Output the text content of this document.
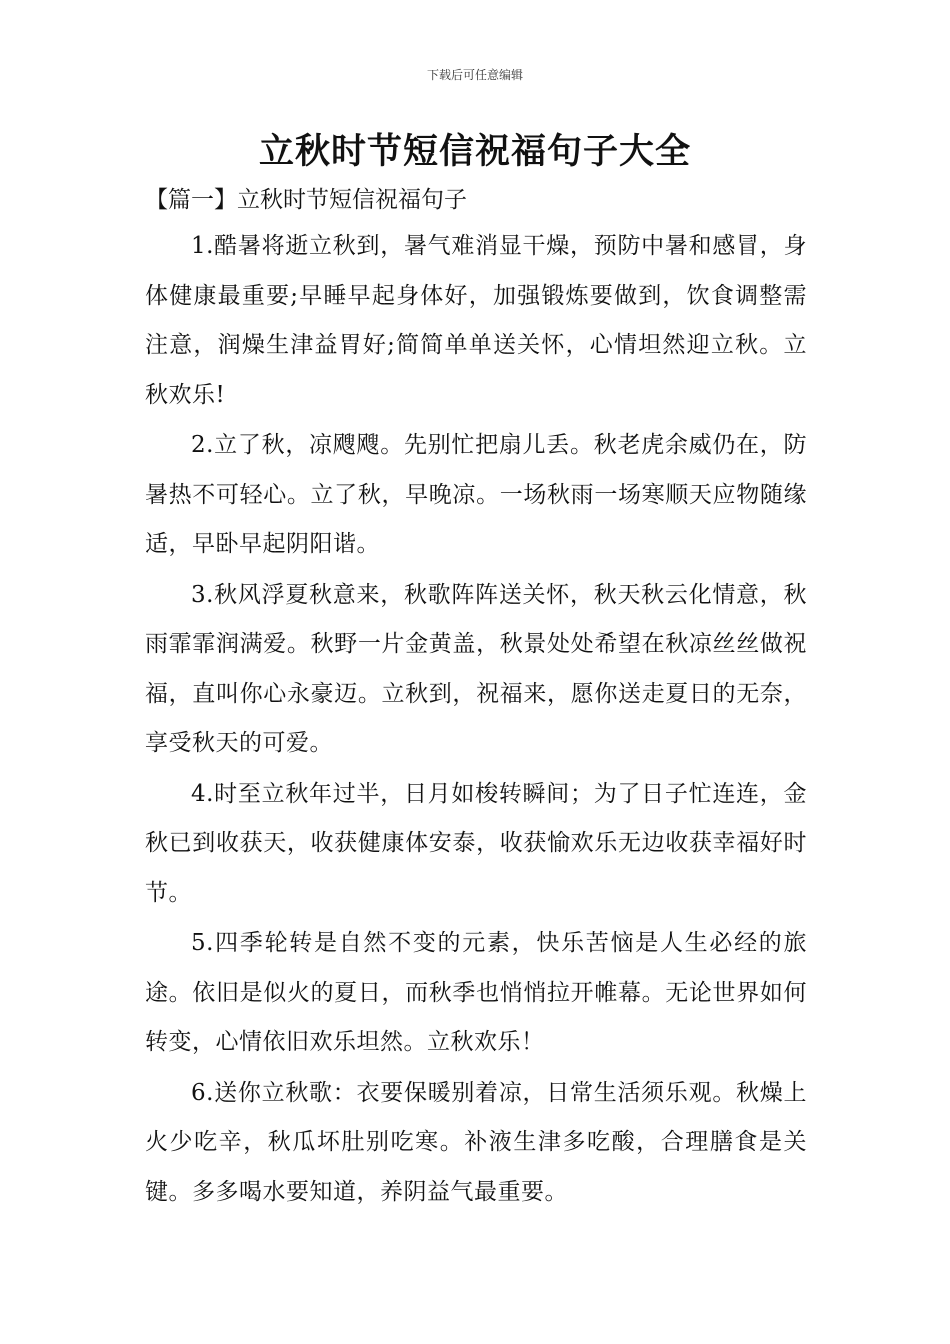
下载后可任意编辑
立秋时节短信祝福句子大全
【篇一】立秋时节短信祝福句子

1.酷暑将逝立秋到，暑气难消显干燥，预防中暑和感冒，身体健康最重要;早睡早起身体好，加强锻炼要做到，饮食调整需注意，润燥生津益胃好;简简单单送关怀，心情坦然迎立秋。立秋欢乐!

2.立了秋，凉飕飕。先别忙把扇儿丢。秋老虎余威仍在，防暑热不可轻心。立了秋，早晚凉。一场秋雨一场寒顺天应物随缘适，早卧早起阴阳谐。

3.秋风浮夏秋意来，秋歌阵阵送关怀，秋天秋云化情意，秋雨霏霏润满爱。秋野一片金黄盖，秋景处处希望在秋凉丝丝做祝福，直叫你心永豪迈。立秋到，祝福来，愿你送走夏日的无奈，享受秋天的可爱。

4.时至立秋年过半，日月如梭转瞬间；为了日子忙连连，金秋已到收获天，收获健康体安泰，收获愉欢乐无边收获幸福好时节。

5.四季轮转是自然不变的元素，快乐苦恼是人生必经的旅途。依旧是似火的夏日，而秋季也悄悄拉开帷幕。无论世界如何转变，心情依旧欢乐坦然。立秋欢乐！

6.送你立秋歌：衣要保暖别着凉，日常生活须乐观。秋燥上火少吃辛，秋瓜坏肚别吃寒。补液生津多吃酸，合理膳食是关键。多多喝水要知道，养阴益气最重要。
